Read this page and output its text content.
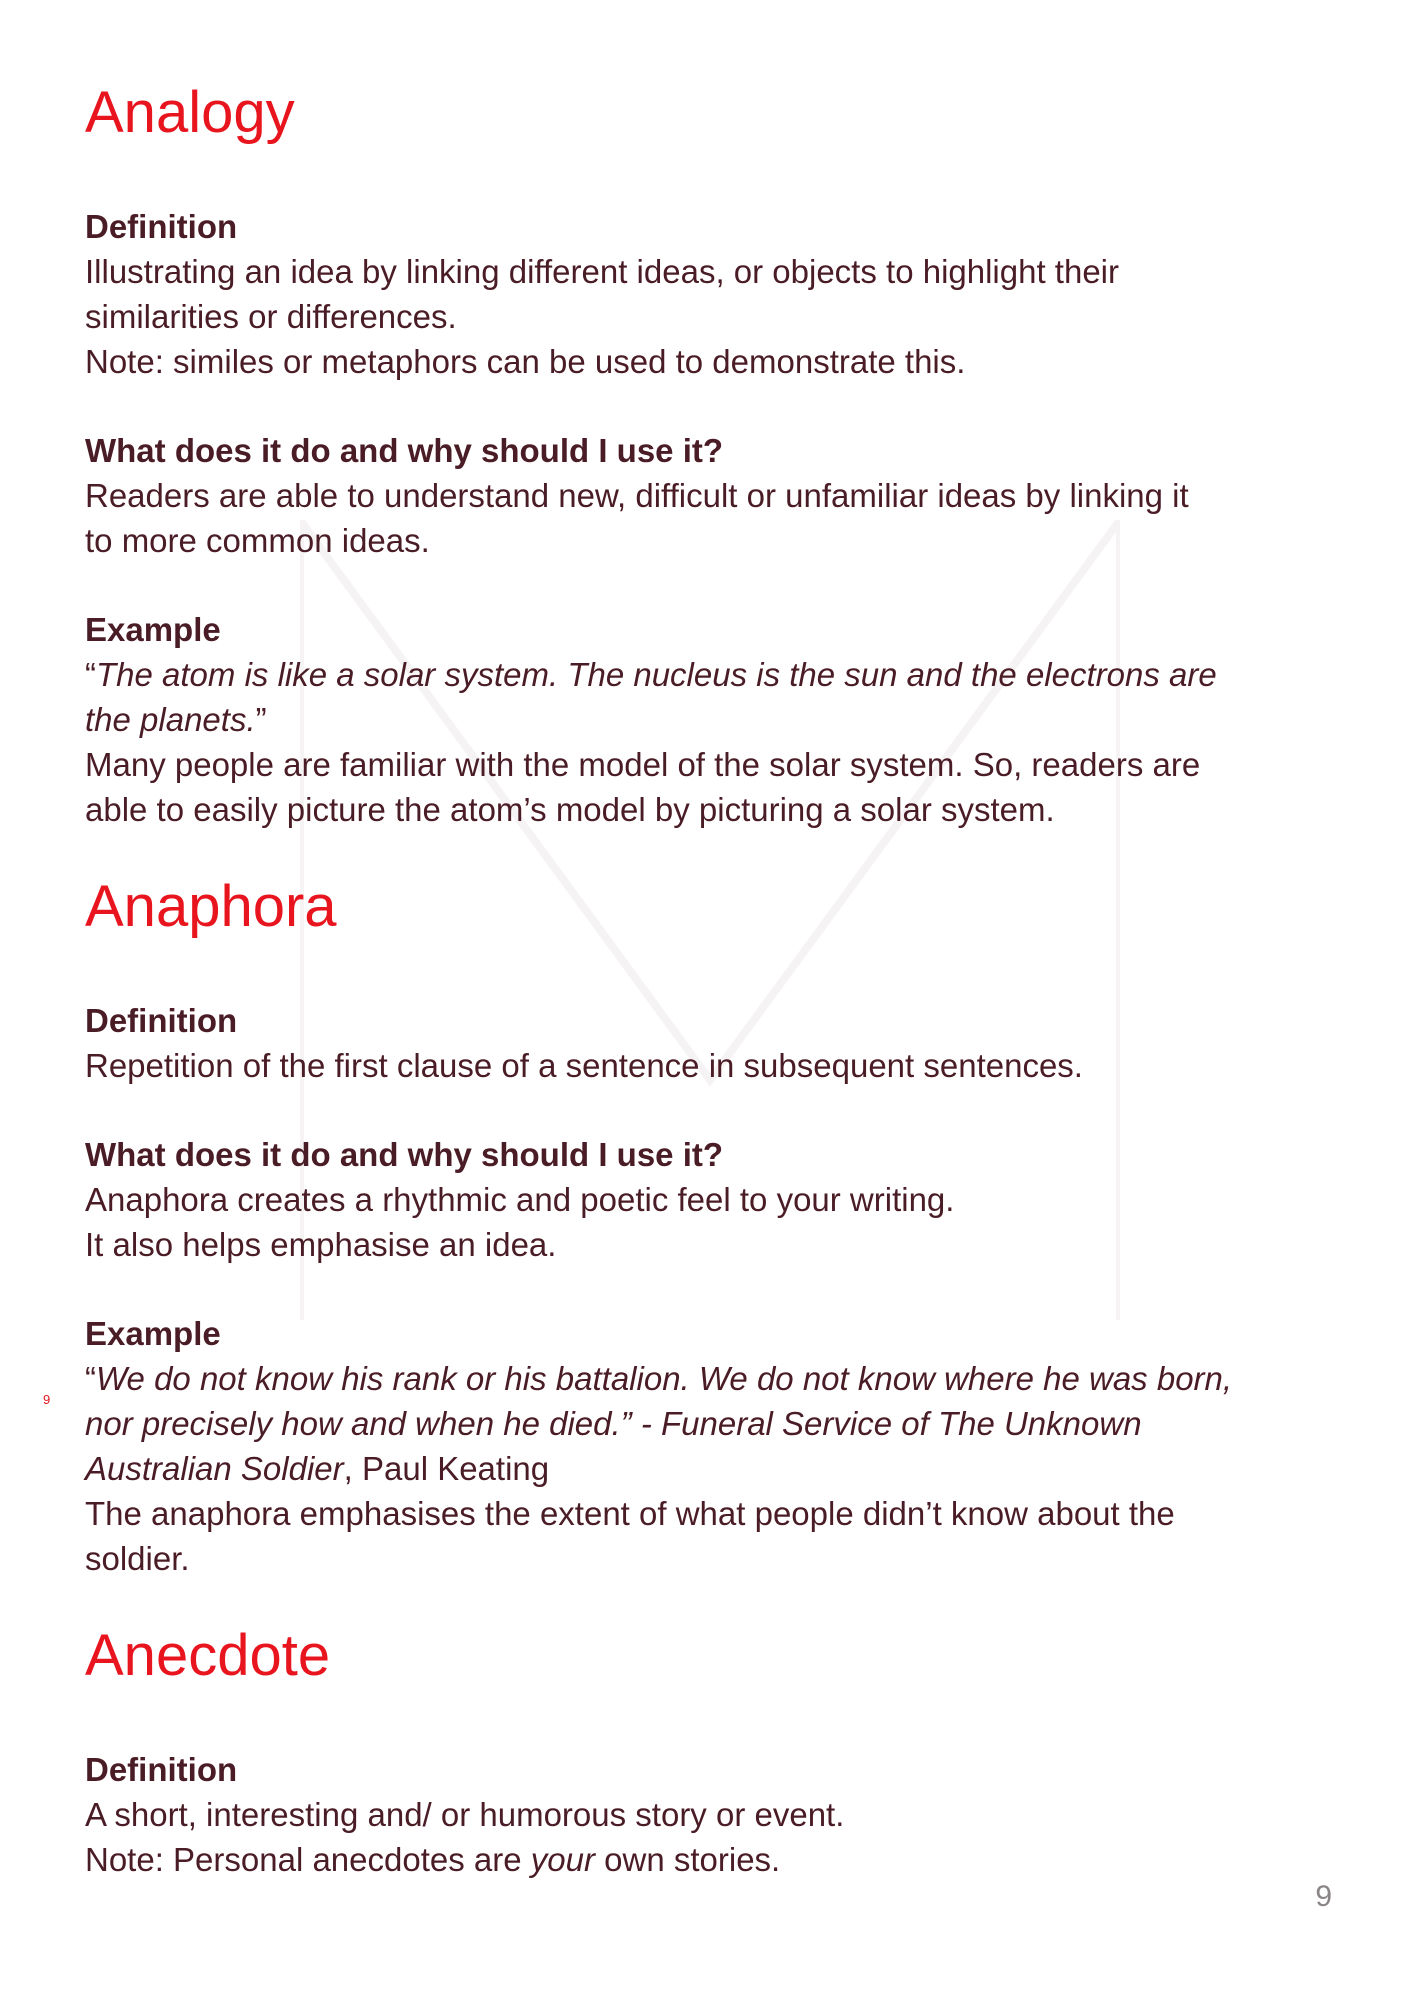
Analogy

Definition

Illustrating an idea by linking different ideas, or objects to highlight their

similarities or differences.

Note: similes or metaphors can be used to demonstrate this.

What does it do and why should I use it?

Readers are able to understand new, difficult or unfamiliar ideas by linking it

to more common ideas.

Example

“The atom is like a solar system. The nucleus is the sun and the electrons are

the planets.”

Many people are familiar with the model of the solar system. So, readers are

able to easily picture the atom’s model by picturing a solar system.

Anaphora

Definition

Repetition of the first clause of a sentence in subsequent sentences.

What does it do and why should I use it?

Anaphora creates a rhythmic and poetic feel to your writing.

It also helps emphasise an idea.

Example

“We do not know his rank or his battalion. We do not know where he was born,

nor precisely how and when he died.” - Funeral Service of The Unknown

Australian Soldier, Paul Keating

The anaphora emphasises the extent of what people didn’t know about the

soldier.

Anecdote

Definition

A short, interesting and/ or humorous story or event.

Note: Personal anecdotes are your own stories.

9
9
